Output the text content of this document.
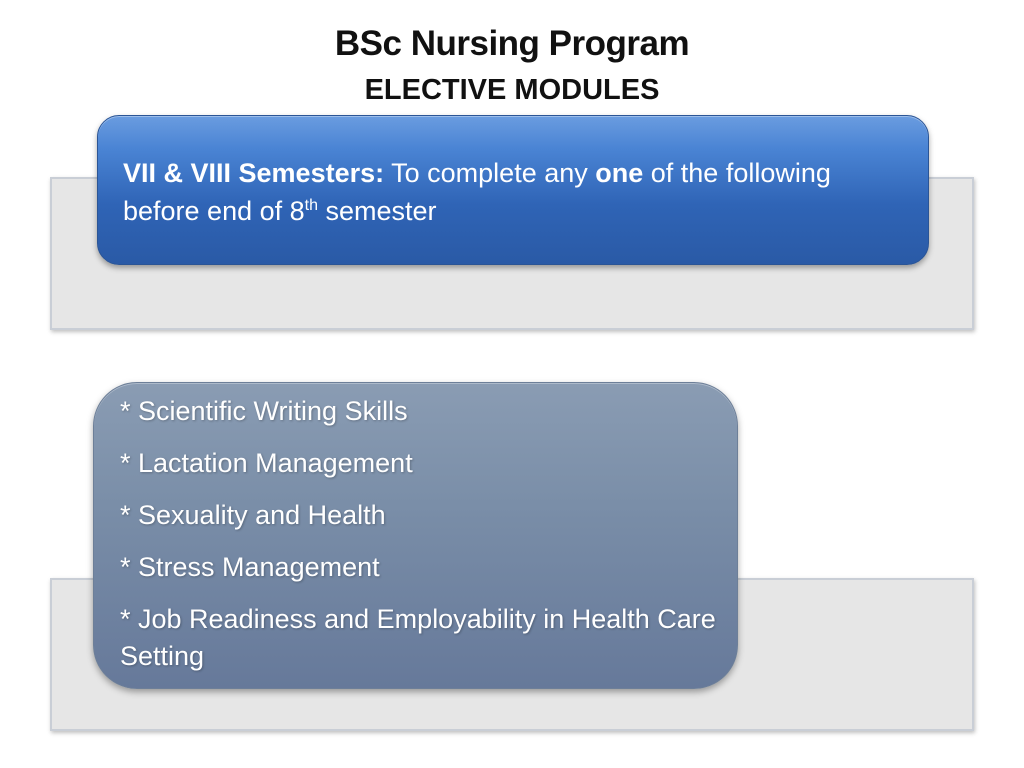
BSc Nursing Program
ELECTIVE MODULES
VII & VIII Semesters: To complete any one of the following before end of 8th semester

* Scientific Writing Skills

* Lactation Management

* Sexuality and Health

* Stress Management

* Job Readiness and Employability in Health Care Setting
